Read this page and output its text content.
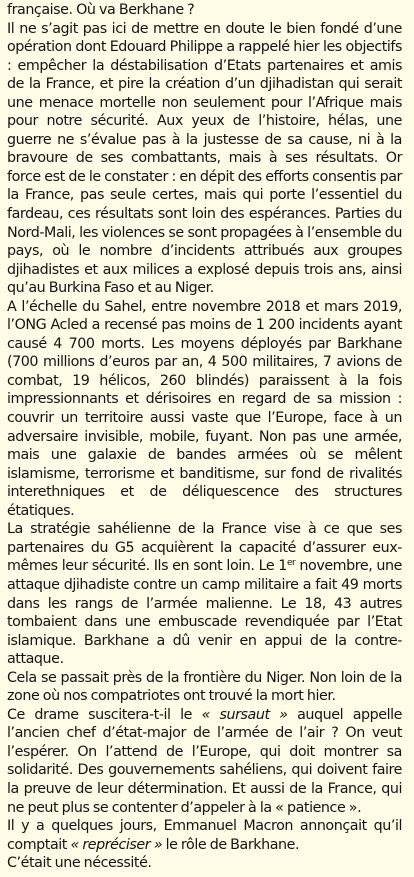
française. Où va Berkhane ?

Il ne s’agit pas ici de mettre en doute le bien fondé d’une opération dont Edouard Philippe a rappelé hier les objectifs : empêcher la déstabilisation d’Etats partenaires et amis de la France, et pire la création d’un djihadistan qui serait une menace mortelle non seulement pour l’Afrique mais pour notre sécurité. Aux yeux de l’histoire, hélas, une guerre ne s’évalue pas à la justesse de sa cause, ni à la bravoure de ses combattants, mais à ses résultats. Or force est de le constater : en dépit des efforts consentis par la France, pas seule certes, mais qui porte l’essentiel du fardeau, ces résultats sont loin des espérances. Parties du Nord-Mali, les violences se sont propagées à l’ensemble du pays, où le nombre d’incidents attribués aux groupes djihadistes et aux milices a explosé depuis trois ans, ainsi qu’au Burkina Faso et au Niger.

A l’échelle du Sahel, entre novembre 2018 et mars 2019, l’ONG Acled a recensé pas moins de 1 200 incidents ayant causé 4 700 morts. Les moyens déployés par Barkhane (700 millions d’euros par an, 4 500 militaires, 7 avions de combat, 19 hélicos, 260 blindés) paraissent à la fois impressionnants et dérisoires en regard de sa mission : couvrir un territoire aussi vaste que l’Europe, face à un adversaire invisible, mobile, fuyant. Non pas une armée, mais une galaxie de bandes armées où se mêlent islamisme, terrorisme et banditisme, sur fond de rivalités interethniques et de déliquescence des structures étatiques.

La stratégie sahélienne de la France vise à ce que ses partenaires du G5 acquièrent la capacité d’assurer eux-mêmes leur sécurité. Ils en sont loin. Le 1er novembre, une attaque djihadiste contre un camp militaire a fait 49 morts dans les rangs de l’armée malienne. Le 18, 43 autres tombaient dans une embuscade revendiquée par l’Etat islamique. Barkhane a dû venir en appui de la contre-attaque.

Cela se passait près de la frontière du Niger. Non loin de la zone où nos compatriotes ont trouvé la mort hier.

Ce drame suscitera-t-il le « sursaut » auquel appelle l’ancien chef d’état-major de l’armée de l’air ? On veut l’espérer. On l’attend de l’Europe, qui doit montrer sa solidarité. Des gouvernements sahéliens, qui doivent faire la preuve de leur détermination. Et aussi de la France, qui ne peut plus se contenter d’appeler à la « patience ».

Il y a quelques jours, Emmanuel Macron annonçait qu’il comptait « repréciser » le rôle de Barkhane.

C’était une nécessité.
